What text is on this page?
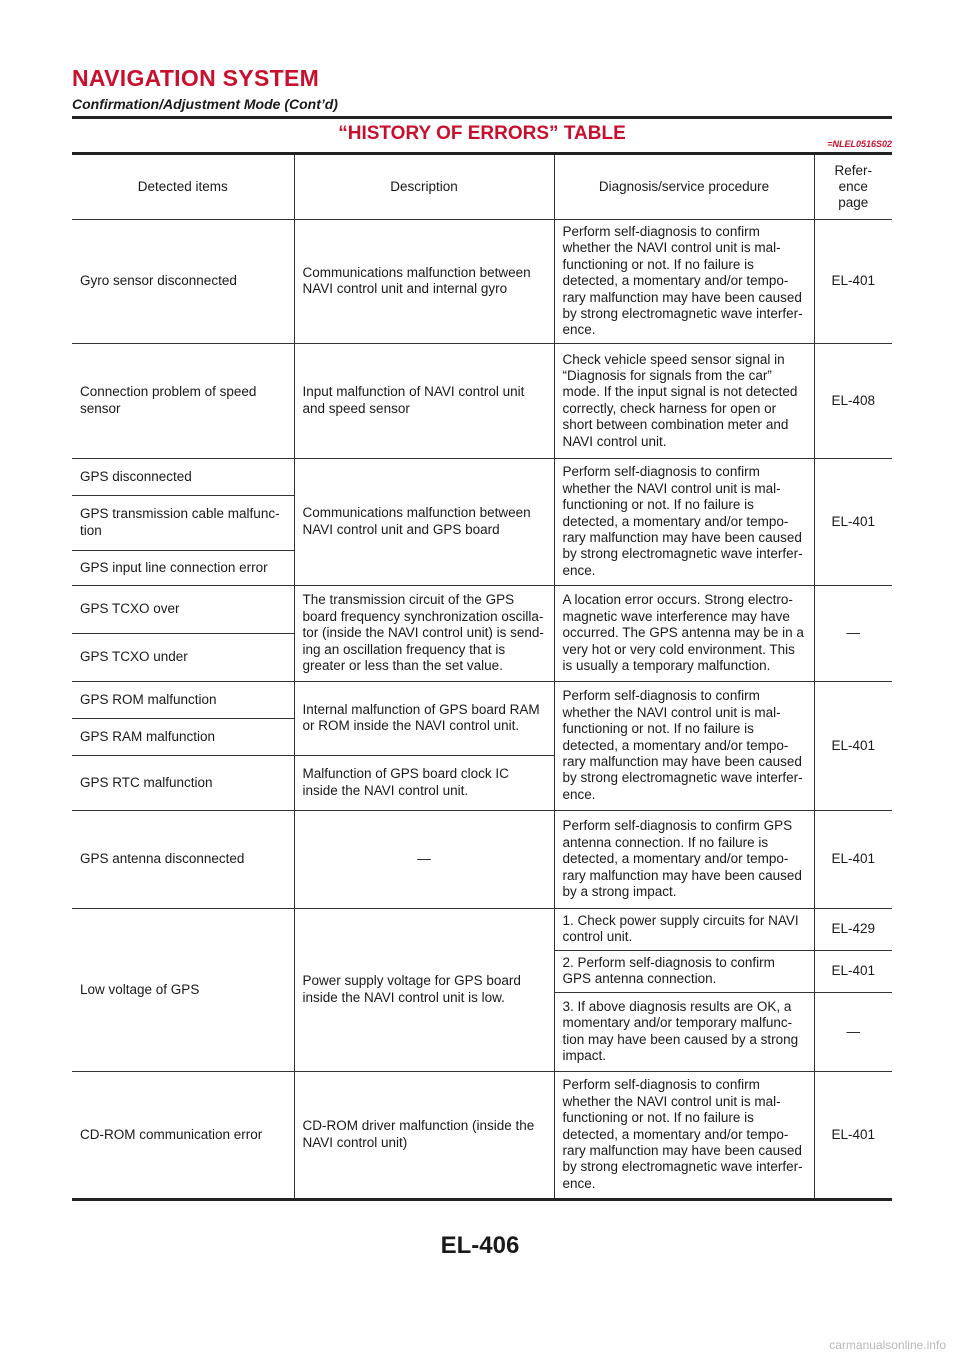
NAVIGATION SYSTEM
Confirmation/Adjustment Mode (Cont’d)
“HISTORY OF ERRORS” TABLE	=NLEL0516S02
Detected items	Description	Diagnosis/service procedure	Refer-
ence
page
Gyro sensor disconnected	Communications malfunction between NAVI control unit and internal gyro	Perform self-diagnosis to confirm whether the NAVI control unit is mal-functioning or not. If no failure is detected, a momentary and/or tempo-rary malfunction may have been caused by strong electromagnetic wave interfer-ence.	EL-401
Connection problem of speed sensor	Input malfunction of NAVI control unit and speed sensor	Check vehicle speed sensor signal in “Diagnosis for signals from the car” mode. If the input signal is not detected correctly, check harness for open or short between combination meter and NAVI control unit.	EL-408
GPS disconnected	Communications malfunction between NAVI control unit and GPS board	Perform self-diagnosis to confirm whether the NAVI control unit is mal-functioning or not. If no failure is detected, a momentary and/or tempo-rary malfunction may have been caused by strong electromagnetic wave interfer-ence.	EL-401
GPS transmission cable malfunc-tion			
GPS input line connection error			
GPS TCXO over	The transmission circuit of the GPS board frequency synchronization oscilla-tor (inside the NAVI control unit) is send-ing an oscillation frequency that is greater or less than the set value.	A location error occurs. Strong electro-magnetic wave interference may have occurred. The GPS antenna may be in a very hot or very cold environment. This is usually a temporary malfunction.	—
GPS TCXO under			
GPS ROM malfunction	Internal malfunction of GPS board RAM or ROM inside the NAVI control unit.	Perform self-diagnosis to confirm whether the NAVI control unit is mal-functioning or not. If no failure is detected, a momentary and/or tempo-rary malfunction may have been caused by strong electromagnetic wave interfer-ence.	EL-401
GPS RAM malfunction			
GPS RTC malfunction	Malfunction of GPS board clock IC inside the NAVI control unit.		
GPS antenna disconnected	—	Perform self-diagnosis to confirm GPS antenna connection. If no failure is detected, a momentary and/or tempo-rary malfunction may have been caused by a strong impact.	EL-401
Low voltage of GPS	Power supply voltage for GPS board inside the NAVI control unit is low.	1. Check power supply circuits for NAVI control unit.	EL-429
		2. Perform self-diagnosis to confirm GPS antenna connection.	EL-401
		3. If above diagnosis results are OK, a momentary and/or temporary malfunc-tion may have been caused by a strong impact.	—
CD-ROM communication error	CD-ROM driver malfunction (inside the NAVI control unit)	Perform self-diagnosis to confirm whether the NAVI control unit is mal-functioning or not. If no failure is detected, a momentary and/or tempo-rary malfunction may have been caused by strong electromagnetic wave interfer-ence.	EL-401
EL-406
carmanualsonline.info
